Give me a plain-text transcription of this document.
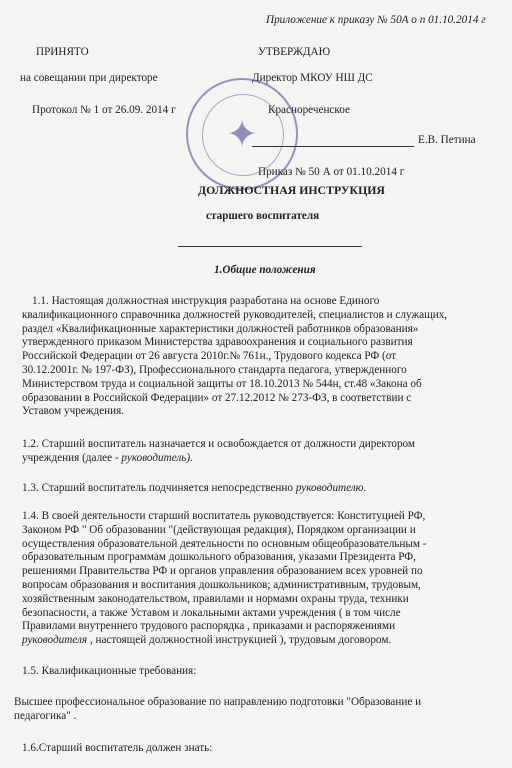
Приложение к приказу № 50А о п 01.10.2014 г
ПРИНЯТО	УТВЕРЖДАЮ
на совещании при директоре	Директор МКОУ НШ ДС
Протокол № 1 от 26.09. 2014 г	Краснореченское
Е.В. Петина
Приказ № 50 А от 01.10.2014 г
✦
ДОЛЖНОСТНАЯ ИНСТРУКЦИЯ
старшего воспитателя
1.Общие положения
1.1. Настоящая должностная инструкция разработана на основе Единого
квалификационного справочника должностей руководителей, специалистов и служащих,
раздел «Квалификационные характеристики должностей работников образования»
утвержденного приказом Министерства здравоохранения и социального развития
Российской Федерации от 26 августа 2010г.№ 761н., Трудового кодекса РФ (от
30.12.2001г. № 197-ФЗ), Профессионального стандарта педагога, утвержденного
Министерством труда и социальной защиты от 18.10.2013 № 544н, ст.48 «Закона об
образовании в Российской Федерации» от 27.12.2012 № 273-ФЗ, в соответствии с
Уставом учреждения.
1.2. Старший воспитатель назначается и освобождается от должности директором
учреждения (далее - руководитель).
1.3. Старший воспитатель подчиняется непосредственно руководителю.
1.4. В своей деятельности старший воспитатель руководствуется: Конституцией РФ,
Законом РФ " Об образовании "(действующая редакция), Порядком организации и
осуществления образовательной деятельности по основным общеобразовательным -
образовательным программам дошкольного образования, указами Президента РФ,
решениями Правительства РФ и органов управления образованием всех уровней по
вопросам образования и воспитания дошкольников; административным, трудовым,
хозяйственным законодательством, правилами и нормами охраны труда, техники
безопасности, а также Уставом и локальными актами учреждения ( в том числе
Правилами внутреннего трудового распорядка , приказами и распоряжениями
руководителя , настоящей должностной инструкцией ), трудовым договором.
1.5. Квалификационные требования:
Высшее профессиональное образование по направлению подготовки "Образование и
педагогика" .
1.6.Старший воспитатель должен знать:
